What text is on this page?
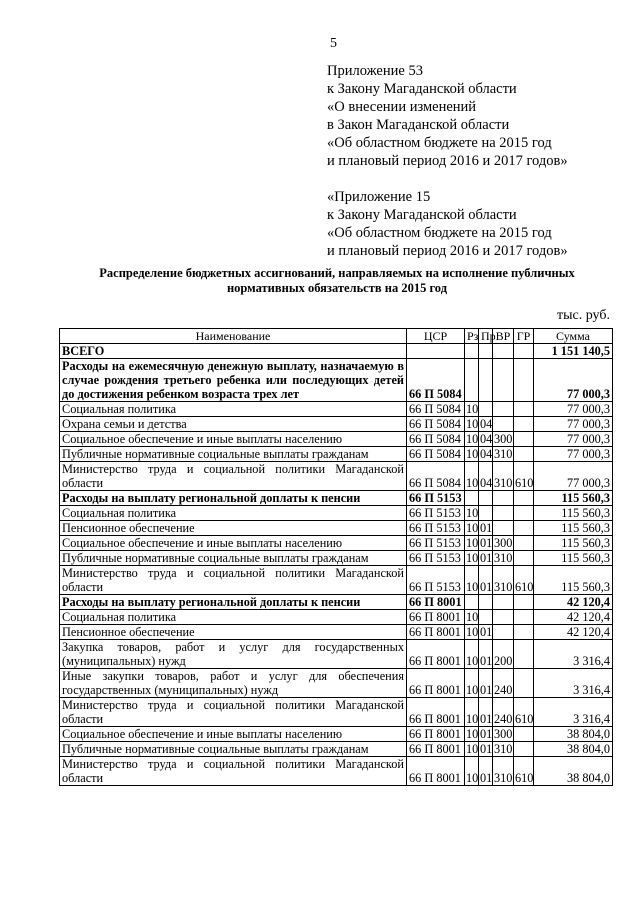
5
Приложение 53
к Закону Магаданской области
«О внесении изменений
в Закон Магаданской области
«Об областном бюджете на 2015 год
и плановый период 2016 и 2017 годов»
«Приложение 15
к Закону Магаданской области
«Об областном бюджете на 2015 год
и плановый период 2016 и 2017 годов»
Распределение бюджетных ассигнований, направляемых на исполнение публичных
нормативных обязательств на 2015 год
тыс. руб.
Наименование	ЦСР	Рз	Пр	ВР	ГР	Сумма
ВСЕГО						1 151 140,5
Расходы на ежемесячную денежную выплату, назначаемую в случае рождения третьего ребенка или последующих детей до достижения ребенком возраста трех лет	66 П 5084					77 000,3
Социальная политика	66 П 5084	10				77 000,3
Охрана семьи и детства	66 П 5084	10	04			77 000,3
Социальное обеспечение и иные выплаты населению	66 П 5084	10	04	300		77 000,3
Публичные нормативные социальные выплаты гражданам	66 П 5084	10	04	310		77 000,3
Министерство труда и социальной политики Магаданской области	66 П 5084	10	04	310	610	77 000,3
Расходы на выплату региональной доплаты к пенсии	66 П 5153					115 560,3
Социальная политика	66 П 5153	10				115 560,3
Пенсионное обеспечение	66 П 5153	10	01			115 560,3
Социальное обеспечение и иные выплаты населению	66 П 5153	10	01	300		115 560,3
Публичные нормативные социальные выплаты гражданам	66 П 5153	10	01	310		115 560,3
Министерство труда и социальной политики Магаданской области	66 П 5153	10	01	310	610	115 560,3
Расходы на выплату региональной доплаты к пенсии	66 П 8001					42 120,4
Социальная политика	66 П 8001	10				42 120,4
Пенсионное обеспечение	66 П 8001	10	01			42 120,4
Закупка товаров, работ и услуг для государственных (муниципальных) нужд	66 П 8001	10	01	200		3 316,4
Иные закупки товаров, работ и услуг для обеспечения государственных (муниципальных) нужд	66 П 8001	10	01	240		3 316,4
Министерство труда и социальной политики Магаданской области	66 П 8001	10	01	240	610	3 316,4
Социальное обеспечение и иные выплаты населению	66 П 8001	10	01	300		38 804,0
Публичные нормативные социальные выплаты гражданам	66 П 8001	10	01	310		38 804,0
Министерство труда и социальной политики Магаданской области	66 П 8001	10	01	310	610	38 804,0
